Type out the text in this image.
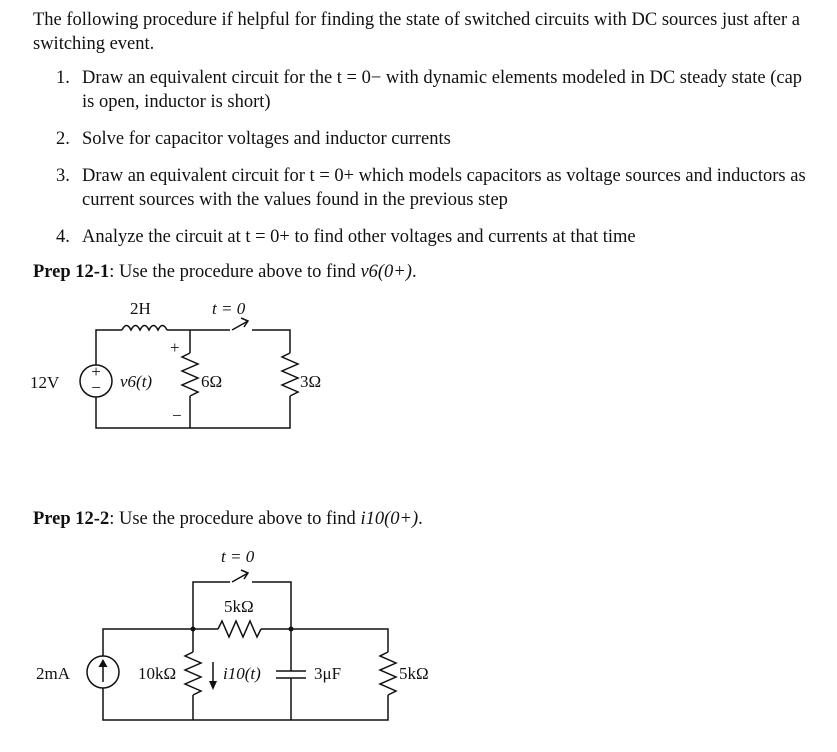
The following procedure if helpful for finding the state of switched circuits with DC sources just after a switching event.
1. Draw an equivalent circuit for the t = 0− with dynamic elements modeled in DC steady state (cap is open, inductor is short)
2. Solve for capacitor voltages and inductor currents
3. Draw an equivalent circuit for t = 0+ which models capacitors as voltage sources and inductors as current sources with the values found in the previous step
4. Analyze the circuit at t = 0+ to find other voltages and currents at that time
Prep 12-1: Use the procedure above to find v6(0+).
Prep 12-2: Use the procedure above to find i10(0+).
+
−
12V
2H	t = 0
+
v6(t)
−
6Ω	3Ω
2mA
t = 0
5kΩ
10kΩ	i10(t)	3μF	5kΩ
